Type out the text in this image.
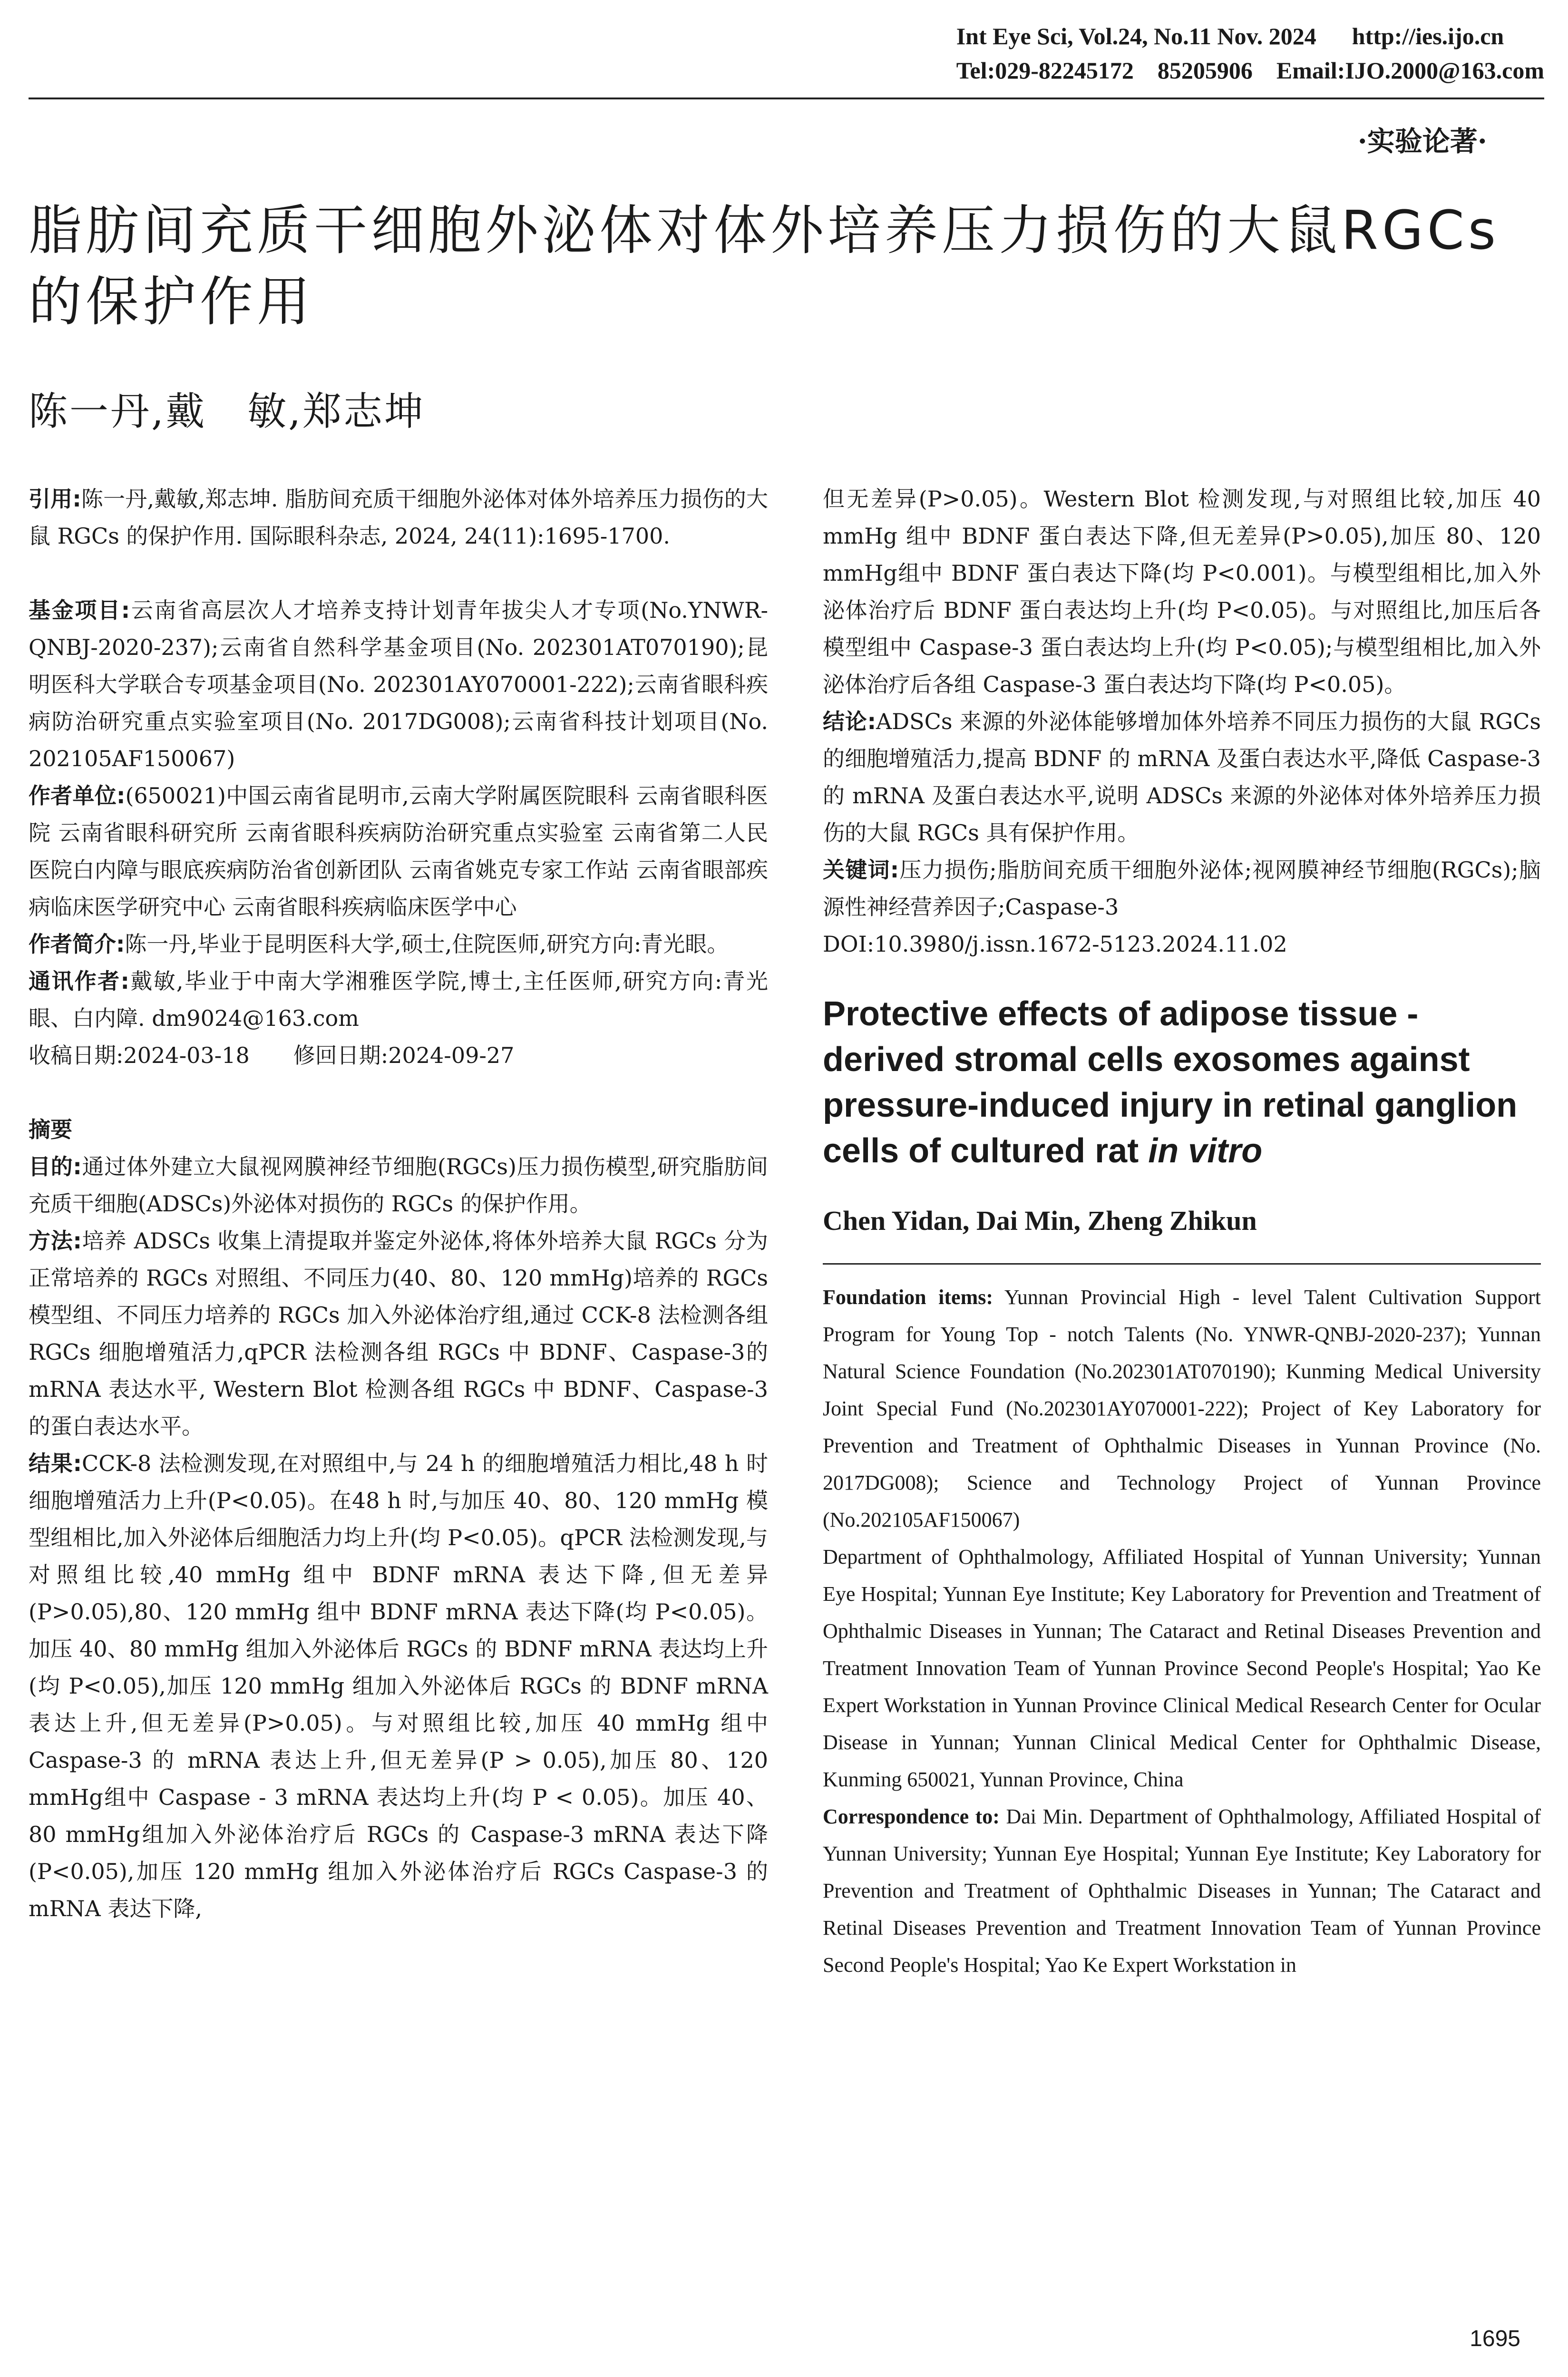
Int Eye Sci, Vol.24, No.11 Nov. 2024      http://ies.ijo.cn
Tel:029-82245172    85205906    Email:IJO.2000@163.com
·实验论著·
脂肪间充质干细胞外泌体对体外培养压力损伤的大鼠RGCs的保护作用
陈一丹,戴　敏,郑志坤

引用:陈一丹,戴敏,郑志坤. 脂肪间充质干细胞外泌体对体外培养压力损伤的大鼠 RGCs 的保护作用. 国际眼科杂志, 2024, 24(11):1695-1700.

基金项目:云南省高层次人才培养支持计划青年拔尖人才专项(No.YNWR-QNBJ-2020-237);云南省自然科学基金项目(No. 202301AT070190);昆明医科大学联合专项基金项目(No. 202301AY070001-222);云南省眼科疾病防治研究重点实验室项目(No. 2017DG008);云南省科技计划项目(No. 202105AF150067)

作者单位:(650021)中国云南省昆明市,云南大学附属医院眼科 云南省眼科医院 云南省眼科研究所 云南省眼科疾病防治研究重点实验室 云南省第二人民医院白内障与眼底疾病防治省创新团队 云南省姚克专家工作站 云南省眼部疾病临床医学研究中心 云南省眼科疾病临床医学中心

作者简介:陈一丹,毕业于昆明医科大学,硕士,住院医师,研究方向:青光眼。

通讯作者:戴敏,毕业于中南大学湘雅医学院,博士,主任医师,研究方向:青光眼、白内障. dm9024@163.com

收稿日期:2024-03-18　　修回日期:2024-09-27

摘要

目的:通过体外建立大鼠视网膜神经节细胞(RGCs)压力损伤模型,研究脂肪间充质干细胞(ADSCs)外泌体对损伤的 RGCs 的保护作用。

方法:培养 ADSCs 收集上清提取并鉴定外泌体,将体外培养大鼠 RGCs 分为正常培养的 RGCs 对照组、不同压力(40、80、120 mmHg)培养的 RGCs 模型组、不同压力培养的 RGCs 加入外泌体治疗组,通过 CCK-8 法检测各组 RGCs 细胞增殖活力,qPCR 法检测各组 RGCs 中 BDNF、Caspase-3的 mRNA 表达水平, Western Blot 检测各组 RGCs 中 BDNF、Caspase-3 的蛋白表达水平。

结果:CCK-8 法检测发现,在对照组中,与 24 h 的细胞增殖活力相比,48 h 时细胞增殖活力上升(P<0.05)。在48 h 时,与加压 40、80、120 mmHg 模型组相比,加入外泌体后细胞活力均上升(均 P<0.05)。qPCR 法检测发现,与对照组比较,40 mmHg 组中 BDNF mRNA 表达下降,但无差异(P>0.05),80、120 mmHg 组中 BDNF mRNA 表达下降(均 P<0.05)。加压 40、80 mmHg 组加入外泌体后 RGCs 的 BDNF mRNA 表达均上升(均 P<0.05),加压 120 mmHg 组加入外泌体后 RGCs 的 BDNF mRNA 表达上升,但无差异(P>0.05)。与对照组比较,加压 40 mmHg 组中 Caspase-3 的 mRNA 表达上升,但无差异(P > 0.05),加压 80、120 mmHg组中 Caspase - 3 mRNA 表达均上升(均 P < 0.05)。加压 40、80 mmHg组加入外泌体治疗后 RGCs 的 Caspase-3 mRNA 表达下降(P<0.05),加压 120 mmHg 组加入外泌体治疗后 RGCs Caspase-3 的 mRNA 表达下降,

但无差异(P>0.05)。Western Blot 检测发现,与对照组比较,加压 40 mmHg 组中 BDNF 蛋白表达下降,但无差异(P>0.05),加压 80、120 mmHg组中 BDNF 蛋白表达下降(均 P<0.001)。与模型组相比,加入外泌体治疗后 BDNF 蛋白表达均上升(均 P<0.05)。与对照组比,加压后各模型组中 Caspase-3 蛋白表达均上升(均 P<0.05);与模型组相比,加入外泌体治疗后各组 Caspase-3 蛋白表达均下降(均 P<0.05)。

结论:ADSCs 来源的外泌体能够增加体外培养不同压力损伤的大鼠 RGCs 的细胞增殖活力,提高 BDNF 的 mRNA 及蛋白表达水平,降低 Caspase-3 的 mRNA 及蛋白表达水平,说明 ADSCs 来源的外泌体对体外培养压力损伤的大鼠 RGCs 具有保护作用。

关键词:压力损伤;脂肪间充质干细胞外泌体;视网膜神经节细胞(RGCs);脑源性神经营养因子;Caspase-3

DOI:10.3980/j.issn.1672-5123.2024.11.02

Protective effects of adipose tissue - derived stromal cells exosomes against pressure-induced injury in retinal ganglion cells of cultured rat in vitro
Chen Yidan, Dai Min, Zheng Zhikun
Foundation items: Yunnan Provincial High - level Talent Cultivation Support Program for Young Top - notch Talents (No. YNWR-QNBJ-2020-237); Yunnan Natural Science Foundation (No.202301AT070190); Kunming Medical University Joint Special Fund (No.202301AY070001-222); Project of Key Laboratory for Prevention and Treatment of Ophthalmic Diseases in Yunnan Province (No. 2017DG008); Science and Technology Project of Yunnan Province (No.202105AF150067)
Department of Ophthalmology, Affiliated Hospital of Yunnan University; Yunnan Eye Hospital; Yunnan Eye Institute; Key Laboratory for Prevention and Treatment of Ophthalmic Diseases in Yunnan; The Cataract and Retinal Diseases Prevention and Treatment Innovation Team of Yunnan Province Second People's Hospital; Yao Ke Expert Workstation in Yunnan Province Clinical Medical Research Center for Ocular Disease in Yunnan; Yunnan Clinical Medical Center for Ophthalmic Disease, Kunming 650021, Yunnan Province, China
Correspondence to: Dai Min. Department of Ophthalmology, Affiliated Hospital of Yunnan University; Yunnan Eye Hospital; Yunnan Eye Institute; Key Laboratory for Prevention and Treatment of Ophthalmic Diseases in Yunnan; The Cataract and Retinal Diseases Prevention and Treatment Innovation Team of Yunnan Province Second People's Hospital; Yao Ke Expert Workstation in
1695
